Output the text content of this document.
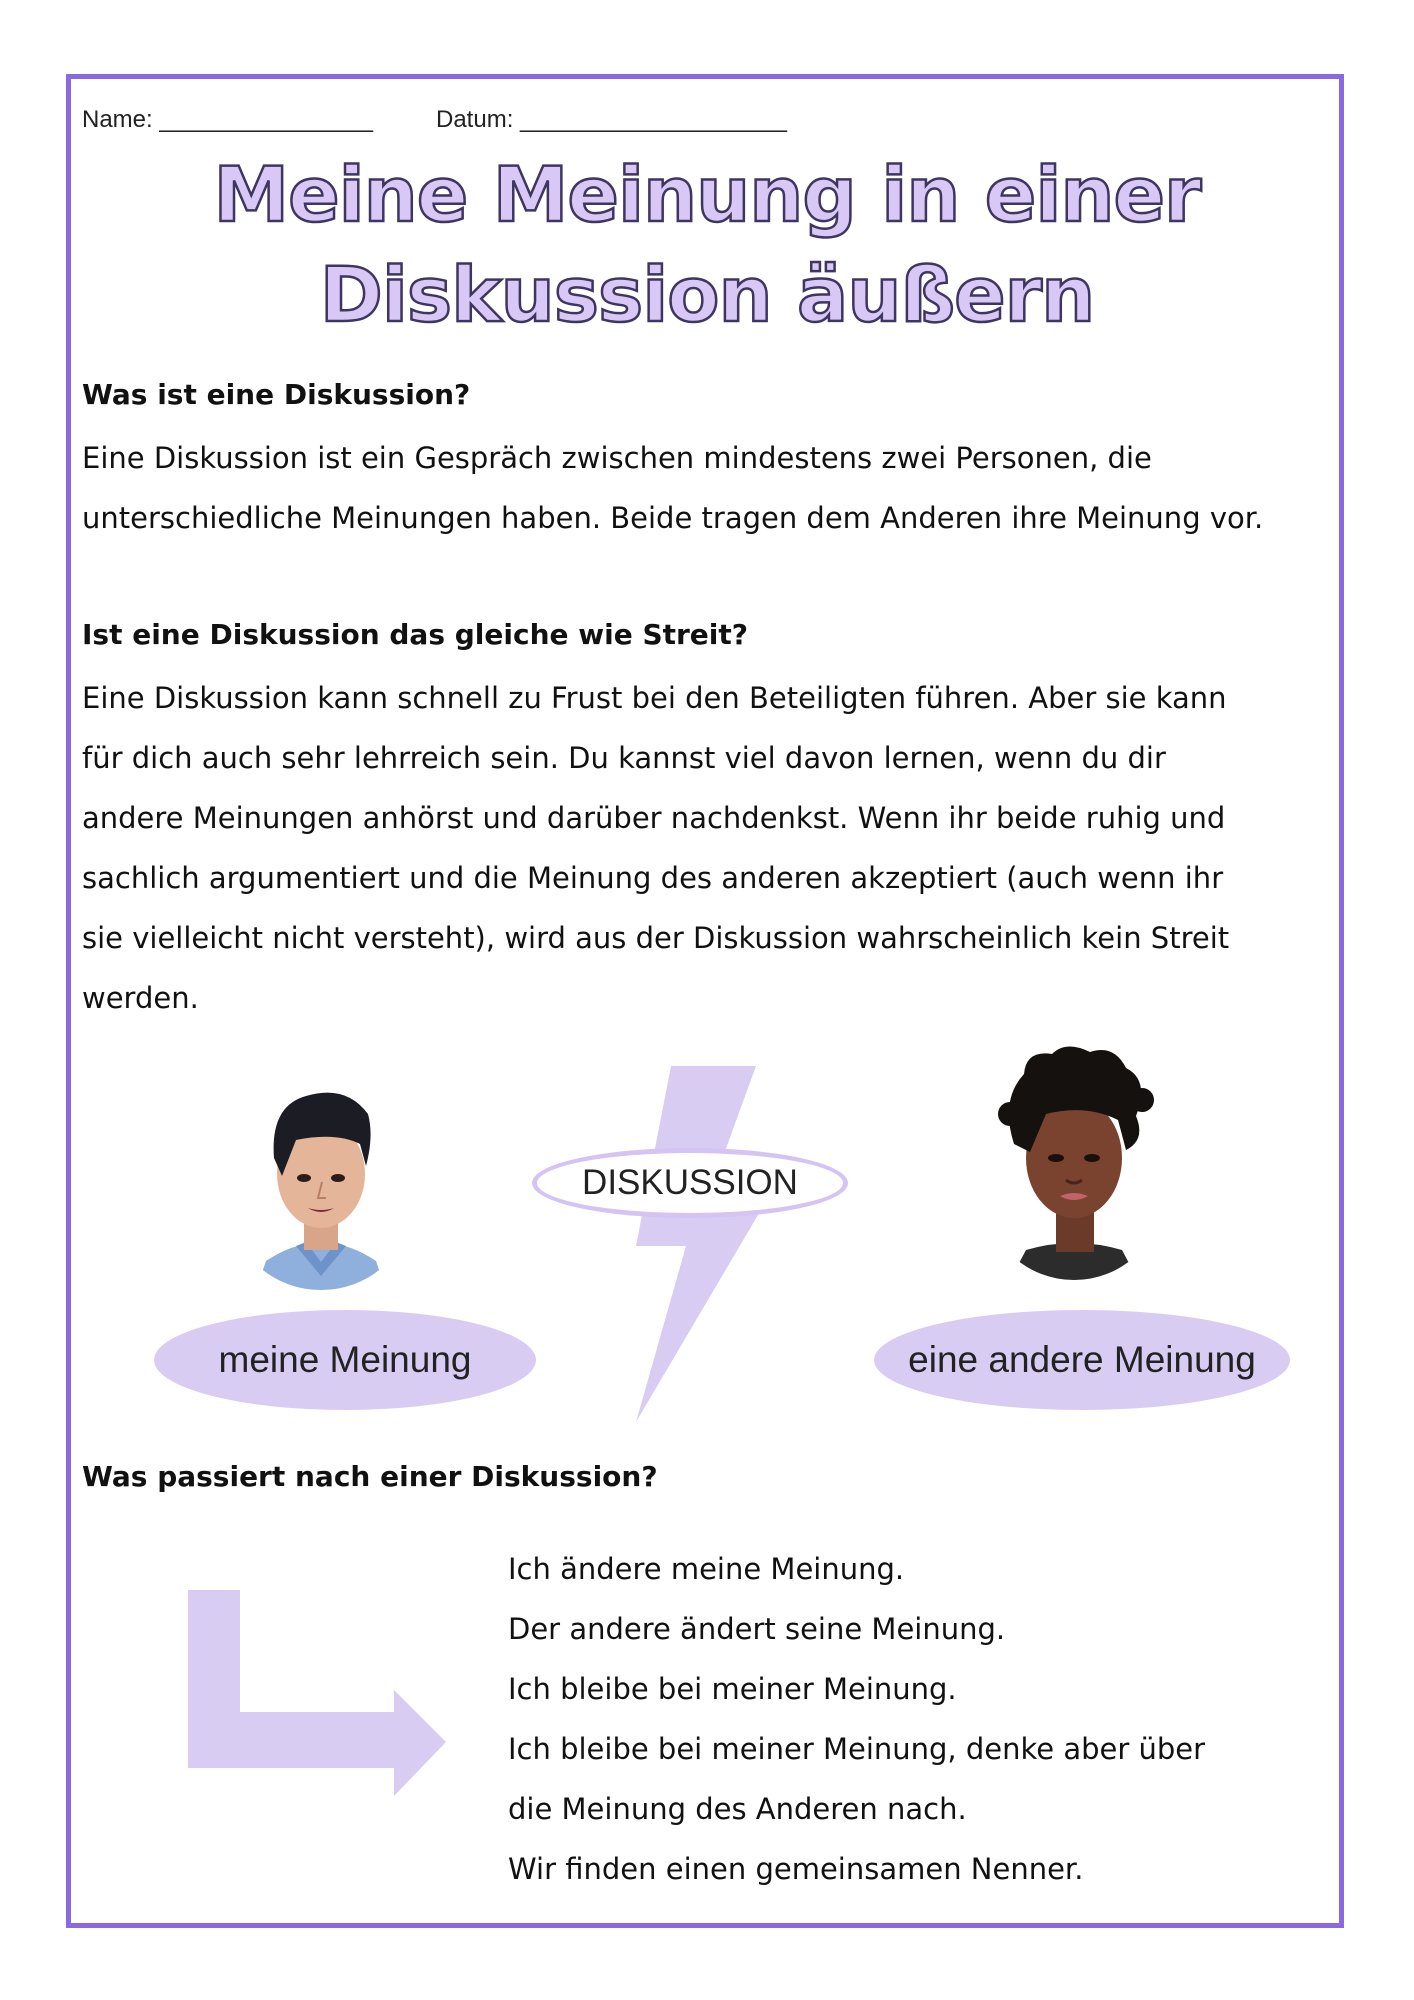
Name: ________________	Datum: ____________________
Meine Meinung in einer
Diskussion äußern
Was ist eine Diskussion?

Eine Diskussion ist ein Gespräch zwischen mindestens zwei Personen, die
unterschiedliche Meinungen haben. Beide tragen dem Anderen ihre Meinung vor.

Ist eine Diskussion das gleiche wie Streit?

Eine Diskussion kann schnell zu Frust bei den Beteiligten führen. Aber sie kann
für dich auch sehr lehrreich sein. Du kannst viel davon lernen, wenn du dir
andere Meinungen anhörst und darüber nachdenkst. Wenn ihr beide ruhig und
sachlich argumentiert und die Meinung des anderen akzeptiert (auch wenn ihr
sie vielleicht nicht versteht), wird aus der Diskussion wahrscheinlich kein Streit
werden.

DISKUSSION
meine Meinung	eine andere Meinung
Was passiert nach einer Diskussion?
Ich ändere meine Meinung.
Der andere ändert seine Meinung.
Ich bleibe bei meiner Meinung.
Ich bleibe bei meiner Meinung, denke aber über
die Meinung des Anderen nach.
Wir finden einen gemeinsamen Nenner.
